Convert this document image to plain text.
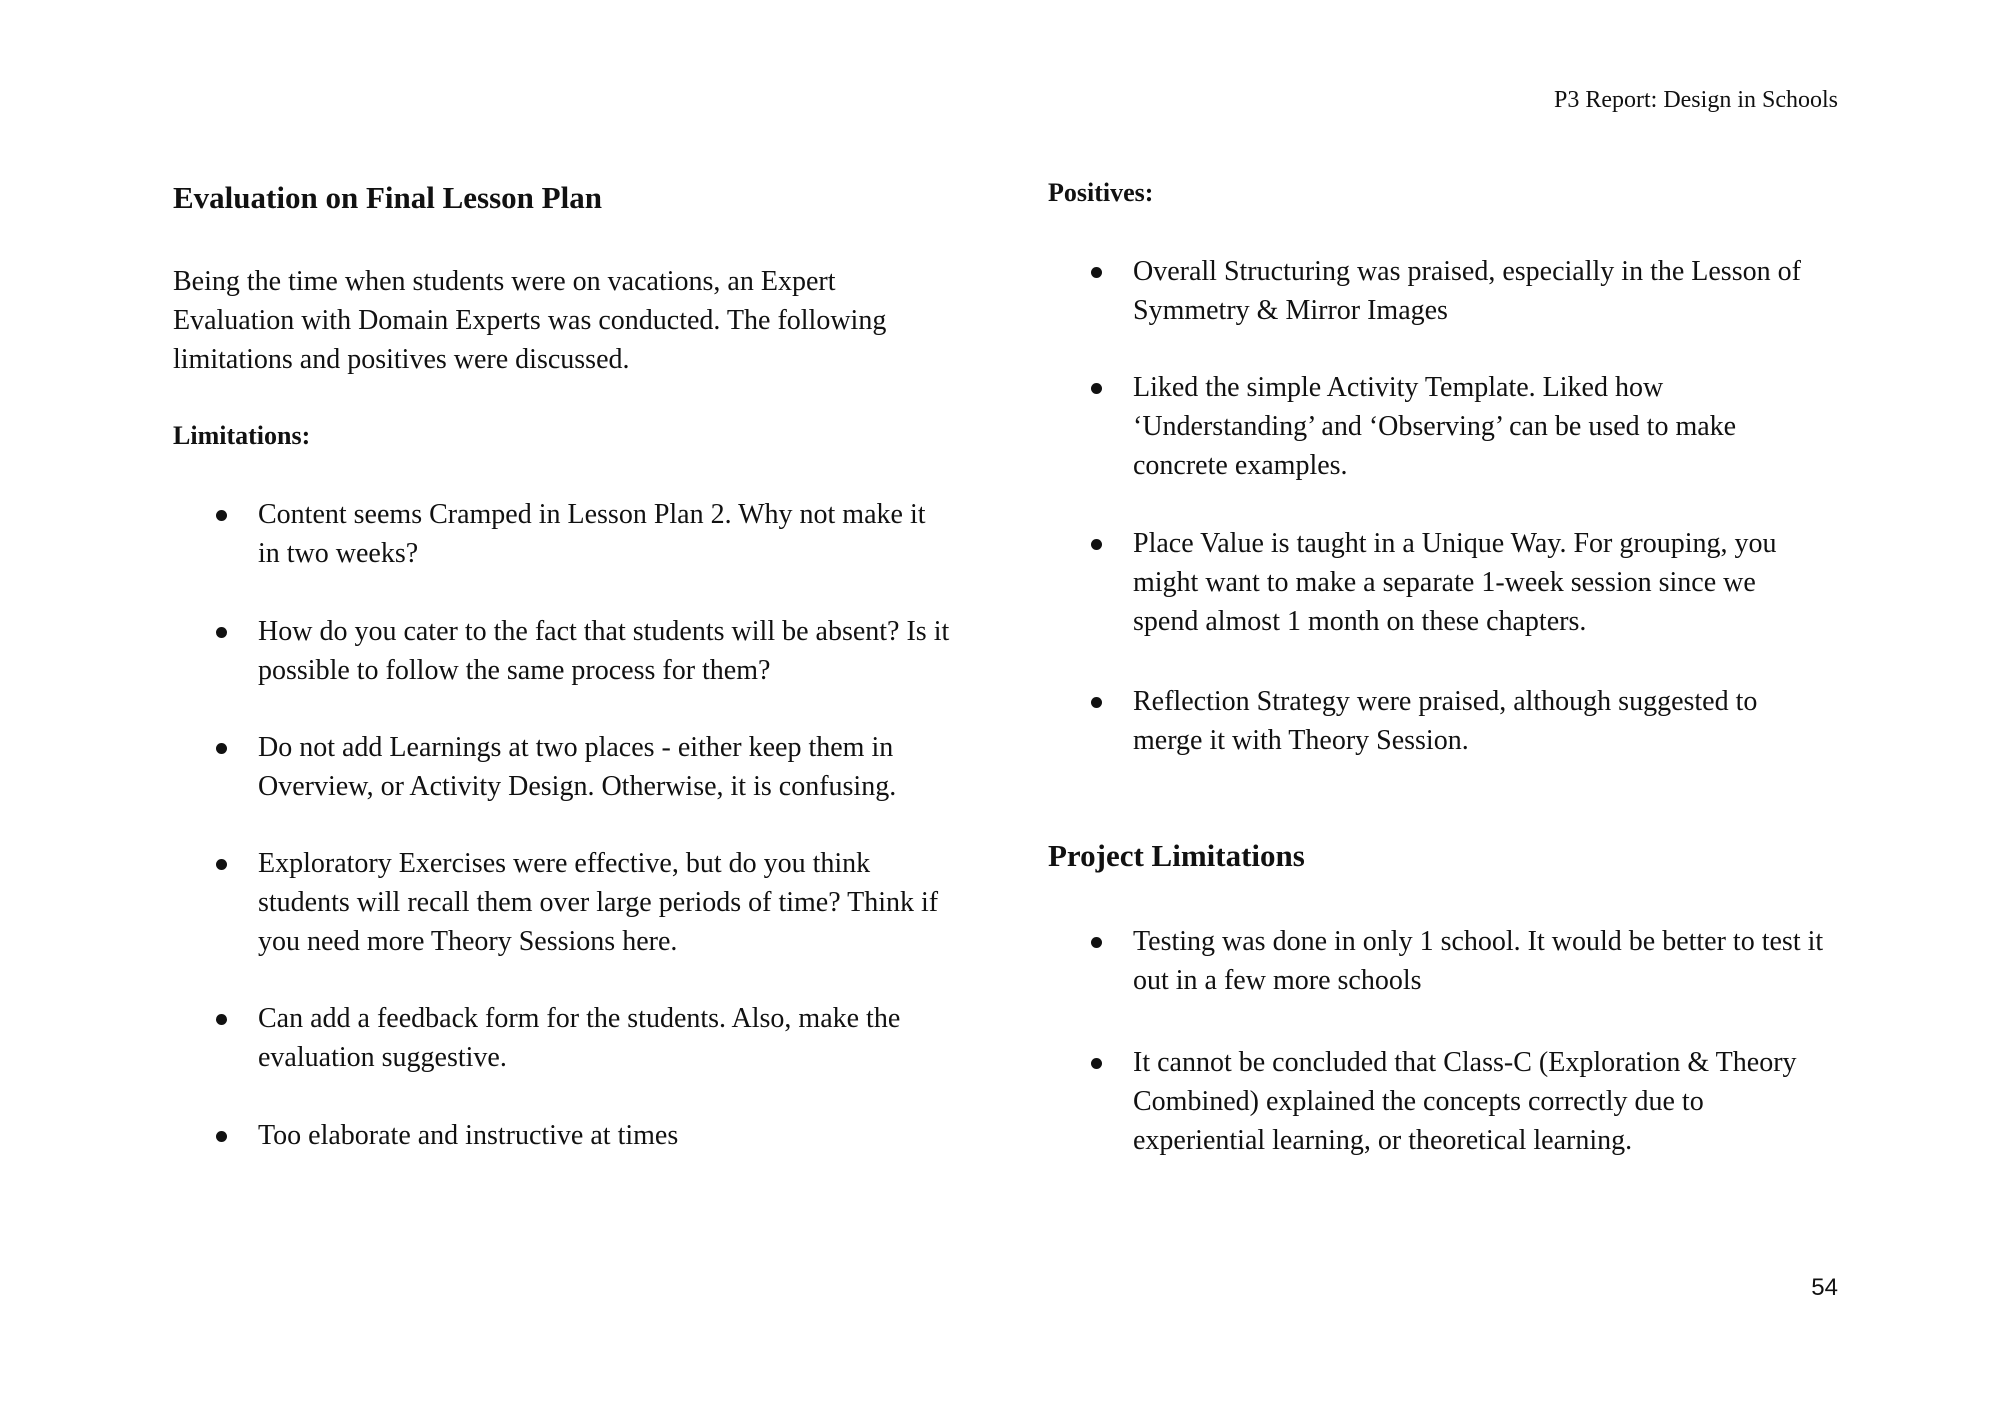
P3 Report: Design in Schools
Evaluation on Final Lesson Plan
Being the time when students were on vacations, an Expert
Evaluation with Domain Experts was conducted. The following
limitations and positives were discussed.
Limitations:
Content seems Cramped in Lesson Plan 2. Why not make it
in two weeks?
How do you cater to the fact that students will be absent? Is it
possible to follow the same process for them?
Do not add Learnings at two places - either keep them in
Overview, or Activity Design. Otherwise, it is confusing.
Exploratory Exercises were effective, but do you think
students will recall them over large periods of time? Think if
you need more Theory Sessions here.
Can add a feedback form for the students. Also, make the
evaluation suggestive.
Too elaborate and instructive at times
Positives:
Overall Structuring was praised, especially in the Lesson of
Symmetry & Mirror Images
Liked the simple Activity Template. Liked how
‘Understanding’ and ‘Observing’ can be used to make
concrete examples.
Place Value is taught in a Unique Way. For grouping, you
might want to make a separate 1-week session since we
spend almost 1 month on these chapters.
Reflection Strategy were praised, although suggested to
merge it with Theory Session.
Project Limitations
Testing was done in only 1 school. It would be better to test it
out in a few more schools
It cannot be concluded that Class-C (Exploration & Theory
Combined) explained the concepts correctly due to
experiential learning, or theoretical learning.
54
